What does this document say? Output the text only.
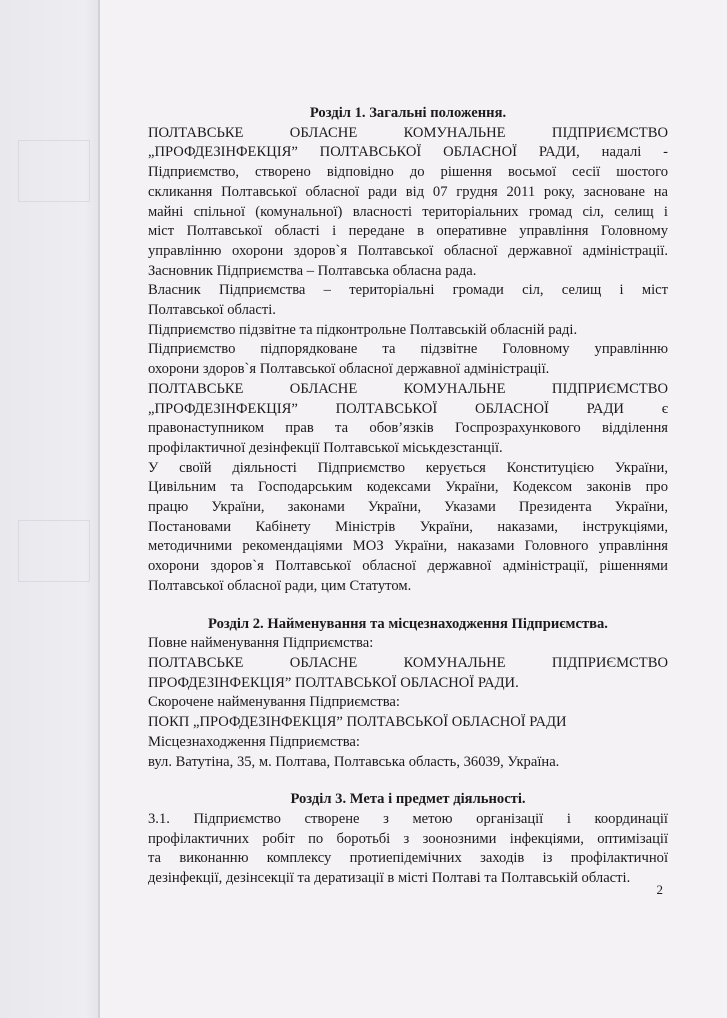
Розділ 1. Загальні положення.

ПОЛТАВСЬКЕ ОБЛАСНЕ КОМУНАЛЬНЕ ПІДПРИЄМСТВО

„ПРОФДЕЗІНФЕКЦІЯ” ПОЛТАВСЬКОЇ ОБЛАСНОЇ РАДИ, надалі -

Підприємство, створено відповідно до рішення восьмої сесії шостого

скликання Полтавської обласної ради від 07 грудня 2011 року, засноване на

майні спільної (комунальної) власності територіальних громад сіл, селищ і

міст Полтавської області і передане в оперативне управління Головному

управлінню охорони здоров`я Полтавської обласної державної адміністрації.

Засновник Підприємства – Полтавська обласна рада.

Власник Підприємства – територіальні громади сіл, селищ і міст

Полтавської області.

Підприємство підзвітне та підконтрольне Полтавській обласній раді.

Підприємство підпорядковане та підзвітне Головному управлінню

охорони здоров`я Полтавської обласної державної адміністрації.

ПОЛТАВСЬКЕ ОБЛАСНЕ КОМУНАЛЬНЕ ПІДПРИЄМСТВО

„ПРОФДЕЗІНФЕКЦІЯ” ПОЛТАВСЬКОЇ ОБЛАСНОЇ РАДИ є

правонаступником прав та обов’язків Госпрозрахункового відділення

профілактичної дезінфекції Полтавської міськдезстанції.

У своїй діяльності Підприємство керується Конституцією України,

Цивільним та Господарським кодексами України, Кодексом законів про

працю України, законами України, Указами Президента України,

Постановами Кабінету Міністрів України, наказами, інструкціями,

методичними рекомендаціями МОЗ України, наказами Головного управління

охорони здоров`я Полтавської обласної державної адміністрації, рішеннями

Полтавської обласної ради, цим Статутом.

Розділ 2. Найменування та місцезнаходження Підприємства.

Повне найменування Підприємства:

ПОЛТАВСЬКЕ ОБЛАСНЕ КОМУНАЛЬНЕ ПІДПРИЄМСТВО

ПРОФДЕЗІНФЕКЦІЯ” ПОЛТАВСЬКОЇ ОБЛАСНОЇ РАДИ.

Скорочене найменування Підприємства:

ПОКП „ПРОФДЕЗІНФЕКЦІЯ” ПОЛТАВСЬКОЇ ОБЛАСНОЇ РАДИ

Місцезнаходження Підприємства:

вул. Ватутіна, 35, м. Полтава, Полтавська область, 36039, Україна.

Розділ 3. Мета і предмет діяльності.

3.1. Підприємство створене з метою організації і координації

профілактичних робіт по боротьбі з зоонозними інфекціями, оптимізації

та виконанню комплексу протиепідемічних заходів із профілактичної

дезінфекції, дезінсекції та дератизації в місті Полтаві та Полтавській області.

2
